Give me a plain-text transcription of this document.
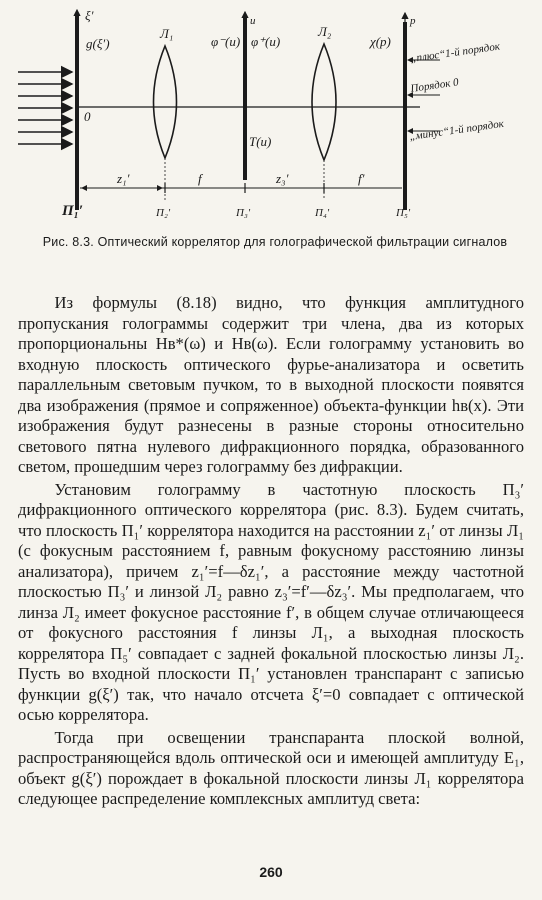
ξ′
g(ξ′)
0
Л₁
φ⁻(u) φ⁺(u)
u
T(u)
Л₂
χ(p)
p
„плюс“1-й порядок
Порядок 0
„минус“1-й порядок
z₁′	f	z₃′	f′
Π₁′	Π₂′	Π₃′	Π₄′	Π₅′
Рис. 8.3. Оптический коррелятор для голографической фильтрации сигналов

Из формулы (8.18) видно, что функция амплитудного пропускания голограммы содержит три члена, два из которых пропорциональны Hв*(ω) и Hв(ω). Если голограмму установить во входную плоскость оптического фурье-анализатора и осветить параллельным световым пучком, то в выходной плоскости появятся два изображения (прямое и сопряженное) объекта-функции hв(x). Эти изображения будут разнесены в разные стороны относительно светового пятна нулевого дифракционного порядка, образованного светом, прошедшим через голограмму без дифракции.

Установим голограмму в частотную плоскость Π₃′ дифракционного оптического коррелятора (рис. 8.3). Будем считать, что плоскость Π₁′ коррелятора находится на расстоянии z₁′ от линзы Л₁ (с фокусным расстоянием f, равным фокусному расстоянию линзы анализатора), причем z₁′=f—δz₁′, а расстояние между частотной плоскостью Π₃′ и линзой Л₂ равно z₃′=f′—δz₃′. Мы предполагаем, что линза Л₂ имеет фокусное расстояние f′, в общем случае отличающееся от фокусного расстояния f линзы Л₁, а выходная плоскость коррелятора Π₅′ совпадает с задней фокальной плоскостью линзы Л₂. Пусть во входной плоскости Π₁′ установлен транспарант с записью функции g(ξ′) так, что начало отсчета ξ′=0 совпадает с оптической осью коррелятора.

Тогда при освещении транспаранта плоской волной, распространяющейся вдоль оптической оси и имеющей амплитуду E₁, объект g(ξ′) порождает в фокальной плоскости линзы Л₁ коррелятора следующее распределение комплексных амплитуд света:

260
